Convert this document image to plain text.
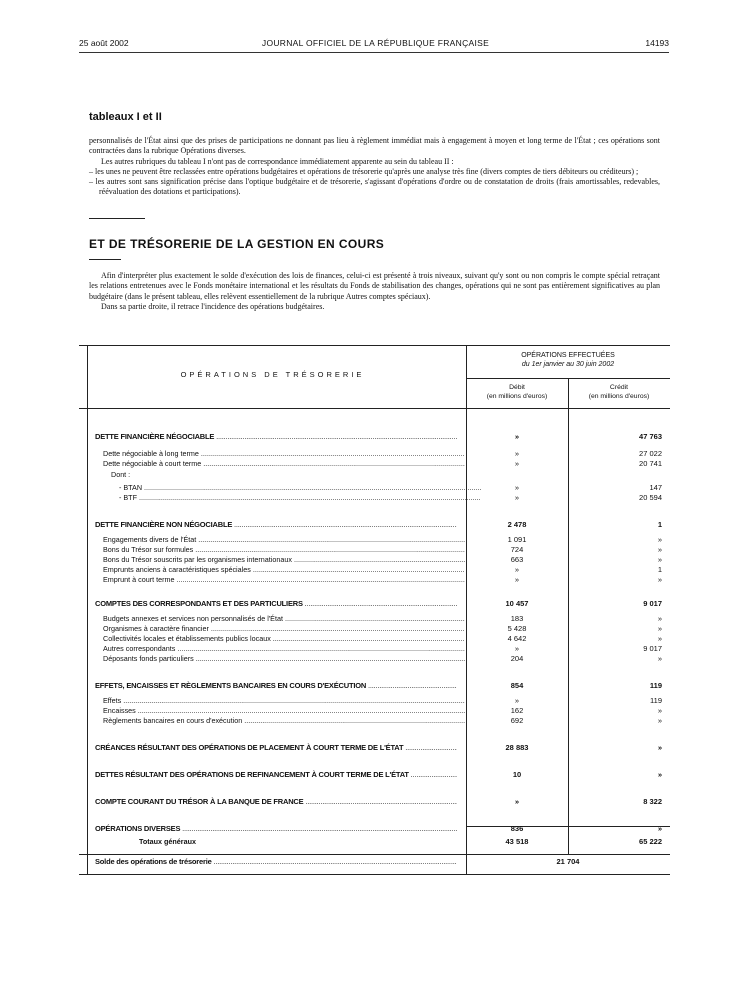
25 août 2002	JOURNAL OFFICIEL DE LA RÉPUBLIQUE FRANÇAISE	14193
tableaux I et II

personnalisés de l'État ainsi que des prises de participations ne donnant pas lieu à règlement immédiat mais à engagement à moyen et long terme de l'État ; ces opérations sont contractées dans la rubrique Opérations diverses.

Les autres rubriques du tableau I n'ont pas de correspondance immédiatement apparente au sein du tableau II :

– les unes ne peuvent être reclassées entre opérations budgétaires et opérations de trésorerie qu'après une analyse très fine (divers comptes de tiers débiteurs ou créditeurs) ;

– les autres sont sans signification précise dans l'optique budgétaire et de trésorerie, s'agissant d'opérations d'ordre ou de constatation de droits (frais amortissables, redevables, réévaluation des dotations et participations).

ET DE TRÉSORERIE DE LA GESTION EN COURS

Afin d'interpréter plus exactement le solde d'exécution des lois de finances, celui-ci est présenté à trois niveaux, suivant qu'y sont ou non compris le compte spécial retraçant les relations entretenues avec le Fonds monétaire international et les résultats du Fonds de stabilisation des changes, opérations qui ne sont pas entièrement significatives au plan budgétaire (dans le présent tableau, elles relèvent essentiellement de la rubrique Autres comptes spéciaux).

Dans sa partie droite, il retrace l'incidence des opérations budgétaires.

OPÉRATIONS DE TRÉSORERIE
OPÉRATIONS EFFECTUÉES
du 1er janvier au 30 juin 2002
Débit
(en millions d'euros)
Crédit
(en millions d'euros)
DETTE FINANCIÈRE NÉGOCIABLE .....	»	47 763
Dette négociable à long terme .....	»	27 022
Dette négociable à court terme .....	»	20 741
Dont :
- BTAN .....	»	147
- BTF .....	»	20 594
DETTE FINANCIÈRE NON NÉGOCIABLE .....	2 478	1
Engagements divers de l'État .....	1 091	»
Bons du Trésor sur formules .....	724	»
Bons du Trésor souscrits par les organismes internationaux .....	663	»
Emprunts anciens à caractéristiques spéciales .....	»	1
Emprunt à court terme .....	»	»
COMPTES DES CORRESPONDANTS ET DES PARTICULIERS .....	10 457	9 017
Budgets annexes et services non personnalisés de l'État .....	183	»
Organismes à caractère financier .....	5 428	»
Collectivités locales et établissements publics locaux .....	4 642	»
Autres correspondants .....	»	9 017
Déposants fonds particuliers .....	204	»
EFFETS, ENCAISSES ET RÈGLEMENTS BANCAIRES EN COURS D'EXÉCUTION .....	854	119
Effets .....	»	119
Encaisses .....	162	»
Règlements bancaires en cours d'exécution .....	692	»
CRÉANCES RÉSULTANT DES OPÉRATIONS DE PLACEMENT À COURT TERME DE L'ÉTAT .....	28 883	»
DETTES RÉSULTANT DES OPÉRATIONS DE REFINANCEMENT À COURT TERME DE L'ÉTAT .....	10	»
COMPTE COURANT DU TRÉSOR À LA BANQUE DE FRANCE .....	»	8 322
OPÉRATIONS DIVERSES .....	836	»
Totaux généraux	43 518	65 222
Solde des opérations de trésorerie .....	21 704
